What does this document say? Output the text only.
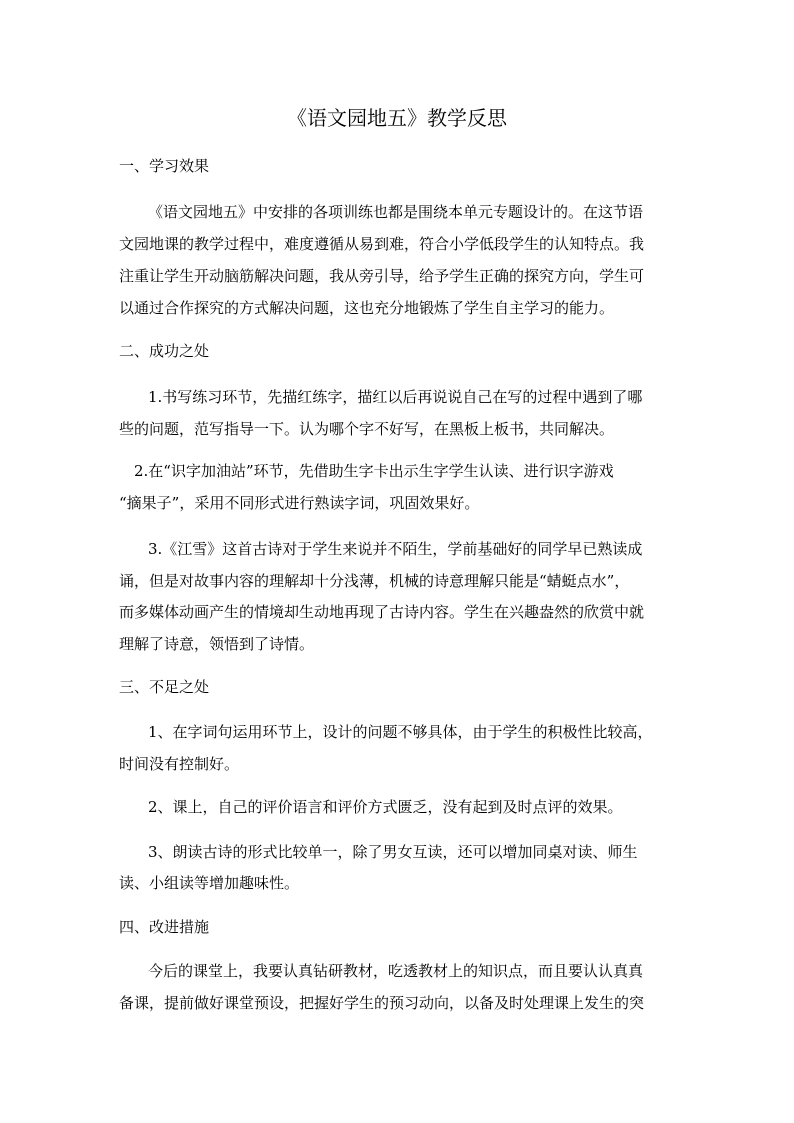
《语文园地五》教学反思
一、学习效果
《语文园地五》中安排的各项训练也都是围绕本单元专题设计的。在这节语
文园地课的教学过程中，难度遵循从易到难，符合小学低段学生的认知特点。我
注重让学生开动脑筋解决问题，我从旁引导，给予学生正确的探究方向，学生可
以通过合作探究的方式解决问题，这也充分地锻炼了学生自主学习的能力。
二、成功之处
1.书写练习环节，先描红练字，描红以后再说说自己在写的过程中遇到了哪
些的问题，范写指导一下。认为哪个字不好写，在黑板上板书，共同解决。
2.在“识字加油站”环节，先借助生字卡出示生字学生认读、进行识字游戏
“摘果子”，采用不同形式进行熟读字词，巩固效果好。
3.《江雪》这首古诗对于学生来说并不陌生，学前基础好的同学早已熟读成
诵，但是对故事内容的理解却十分浅薄，机械的诗意理解只能是“蜻蜓点水”，
而多媒体动画产生的情境却生动地再现了古诗内容。学生在兴趣盎然的欣赏中就
理解了诗意，领悟到了诗情。
三、不足之处
1、在字词句运用环节上，设计的问题不够具体，由于学生的积极性比较高，
时间没有控制好。
2、课上，自己的评价语言和评价方式匮乏，没有起到及时点评的效果。
3、朗读古诗的形式比较单一，除了男女互读，还可以增加同桌对读、师生
读、小组读等增加趣味性。
四、改进措施
今后的课堂上，我要认真钻研教材，吃透教材上的知识点，而且要认认真真
备课，提前做好课堂预设，把握好学生的预习动向，以备及时处理课上发生的突
